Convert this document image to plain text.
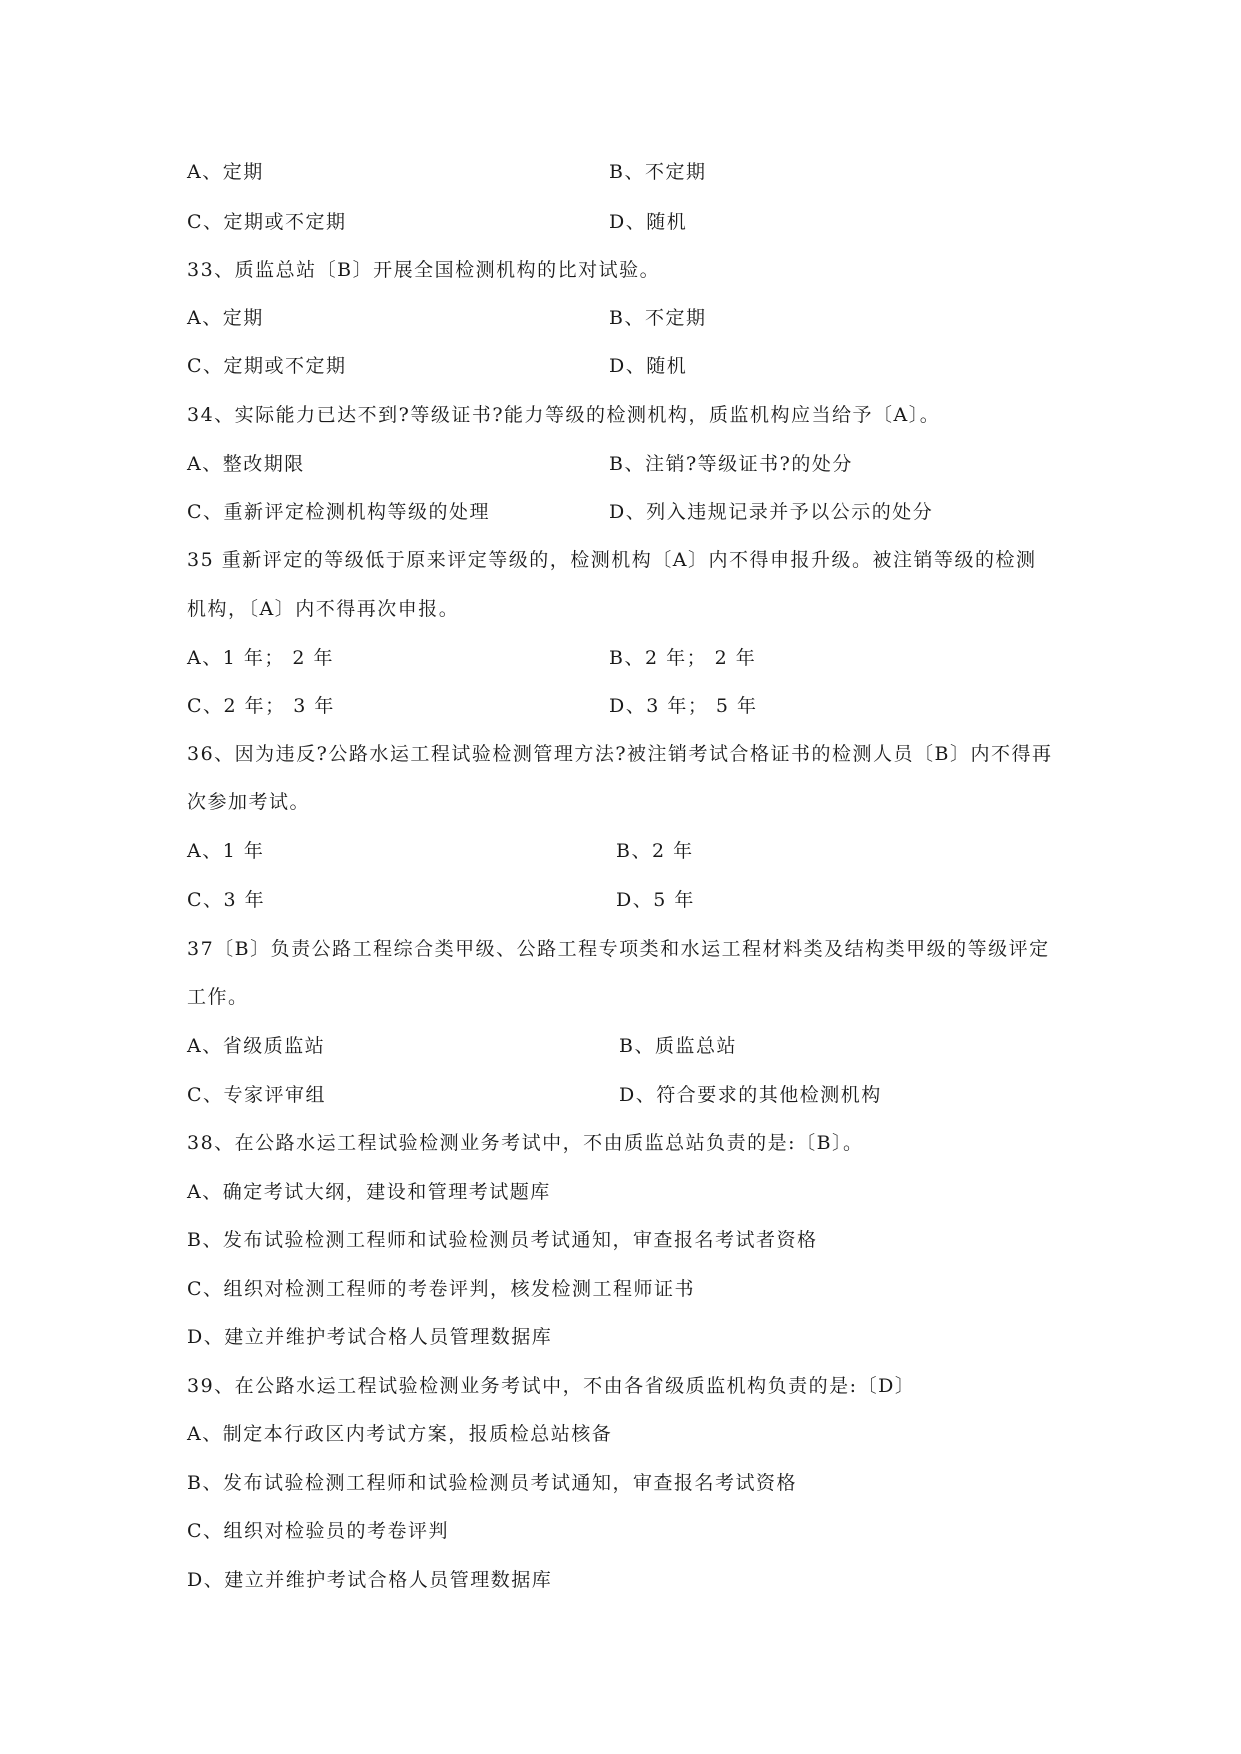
A、定期	B、不定期
C、定期或不定期	D、随机
33、质监总站〔B〕开展全国检测机构的比对试验。
A、定期	B、不定期
C、定期或不定期	D、随机
34、实际能力已达不到?等级证书?能力等级的检测机构，质监机构应当给予〔A〕。
A、整改期限	B、注销?等级证书?的处分
C、重新评定检测机构等级的处理	D、列入违规记录并予以公示的处分
35 重新评定的等级低于原来评定等级的，检测机构〔A〕内不得申报升级。被注销等级的检测
机构，〔A〕内不得再次申报。
A、1 年； 2 年	B、2 年； 2 年
C、2 年； 3 年	D、3 年； 5 年
36、因为违反?公路水运工程试验检测管理方法?被注销考试合格证书的检测人员〔B〕内不得再
次参加考试。
A、1 年	B、2 年
C、3 年	D、5 年
37〔B〕负责公路工程综合类甲级、公路工程专项类和水运工程材料类及结构类甲级的等级评定
工作。
A、省级质监站	B、质监总站
C、专家评审组	D、符合要求的其他检测机构
38、在公路水运工程试验检测业务考试中，不由质监总站负责的是:〔B〕。
A、确定考试大纲，建设和管理考试题库
B、发布试验检测工程师和试验检测员考试通知，审查报名考试者资格
C、组织对检测工程师的考卷评判，核发检测工程师证书
D、建立并维护考试合格人员管理数据库
39、在公路水运工程试验检测业务考试中，不由各省级质监机构负责的是:〔D〕
A、制定本行政区内考试方案，报质检总站核备
B、发布试验检测工程师和试验检测员考试通知，审查报名考试资格
C、组织对检验员的考卷评判
D、建立并维护考试合格人员管理数据库
